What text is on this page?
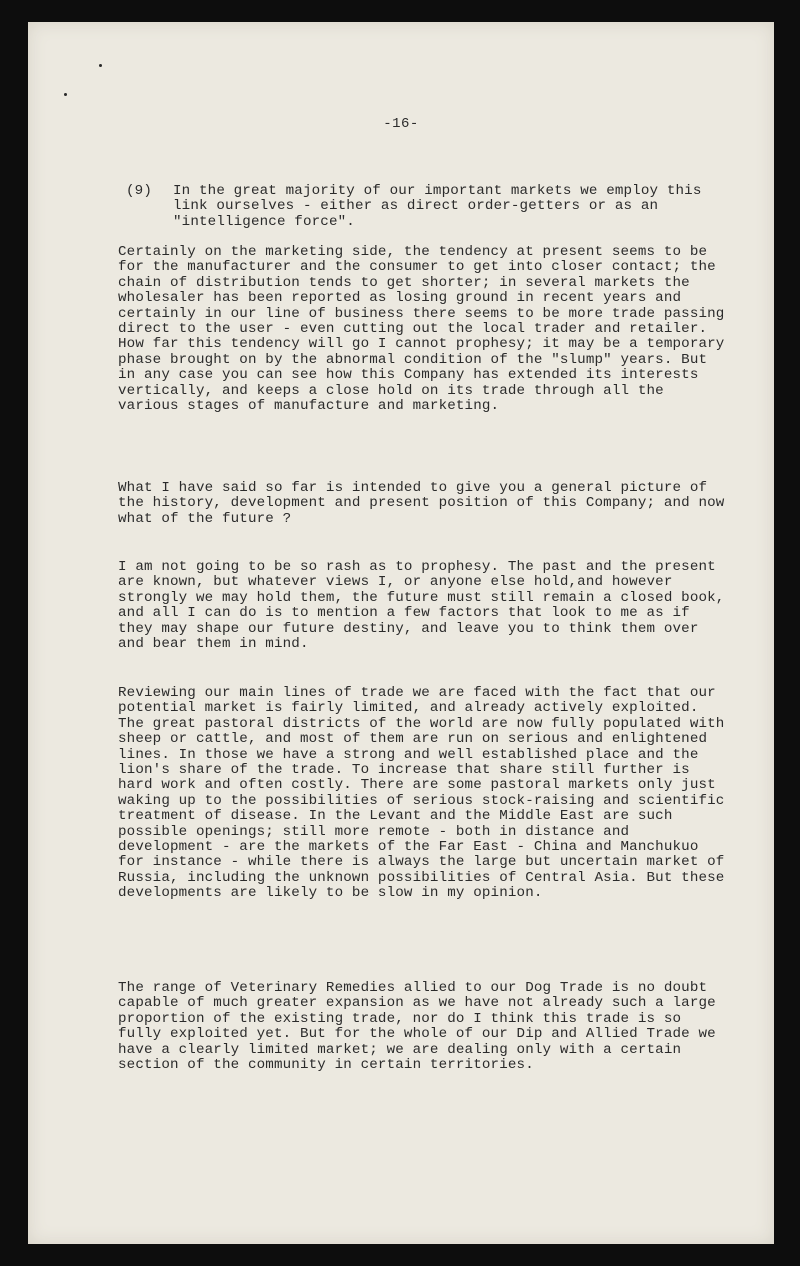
-16-
(9)	In the great majority of our important markets we employ this link ourselves - either as direct order-getters or as an "intelligence force".

Certainly on the marketing side, the tendency at present seems to be for the manufacturer and the consumer to get into closer contact; the chain of distribution tends to get shorter; in several markets the wholesaler has been reported as losing ground in recent years and certainly in our line of business there seems to be more trade passing direct to the user - even cutting out the local trader and retailer. How far this tendency will go I cannot prophesy; it may be a temporary phase brought on by the abnormal condition of the "slump" years. But in any case you can see how this Company has extended its interests vertically, and keeps a close hold on its trade through all the various stages of manufacture and marketing.

What I have said so far is intended to give you a general picture of the history, development and present position of this Company; and now what of the future ?

I am not going to be so rash as to prophesy. The past and the present are known, but whatever views I, or anyone else hold,and however strongly we may hold them, the future must still remain a closed book, and all I can do is to mention a few factors that look to me as if they may shape our future destiny, and leave you to think them over and bear them in mind.

Reviewing our main lines of trade we are faced with the fact that our potential market is fairly limited, and already actively exploited. The great pastoral districts of the world are now fully populated with sheep or cattle, and most of them are run on serious and enlightened lines. In those we have a strong and well established place and the lion's share of the trade. To increase that share still further is hard work and often costly. There are some pastoral markets only just waking up to the possibilities of serious stock-raising and scientific treatment of disease. In the Levant and the Middle East are such possible openings; still more remote - both in distance and development - are the markets of the Far East - China and Manchukuo for instance - while there is always the large but uncertain market of Russia, including the unknown possibilities of Central Asia. But these developments are likely to be slow in my opinion.

The range of Veterinary Remedies allied to our Dog Trade is no doubt capable of much greater expansion as we have not already such a large proportion of the existing trade, nor do I think this trade is so fully exploited yet. But for the whole of our Dip and Allied Trade we have a clearly limited market; we are dealing only with a certain section of the community in certain territories.
